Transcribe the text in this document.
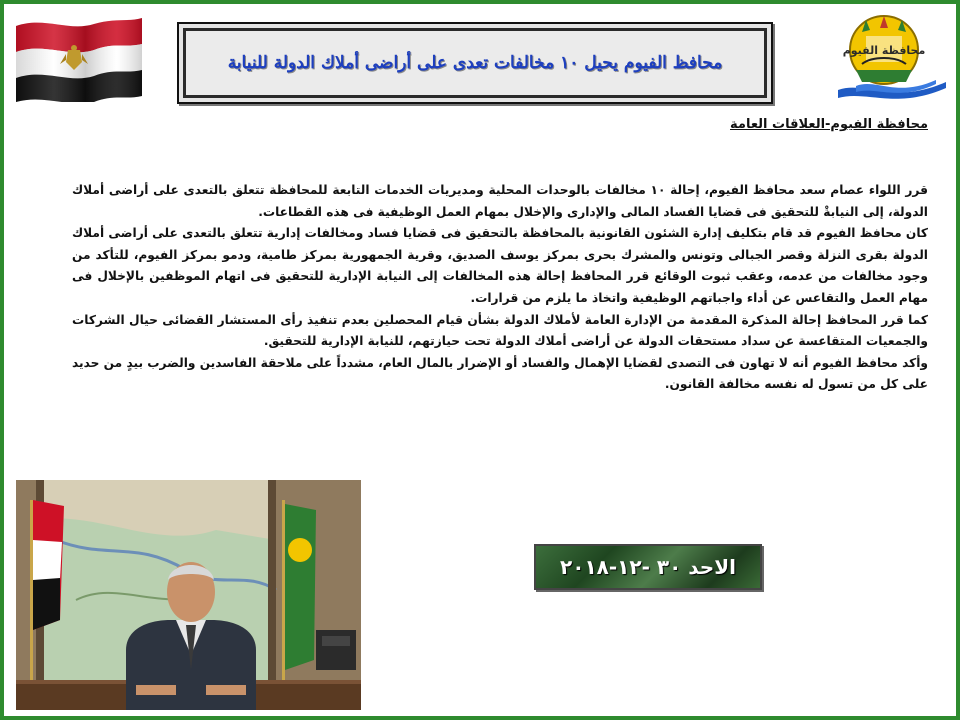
محافظ الفيوم يحيل ١٠ مخالفات تعدى على أراضى أملاك الدولة للنيابة
محافظة الفيوم
محافظة الفيوم-العلاقات العامة

قرر اللواء عصام سعد محافظ الفيوم، إحالة ١٠ مخالفات بالوحدات المحلية ومديريات الخدمات التابعة للمحافظة تتعلق بالتعدى على أراضى أملاك الدولة، إلى النيابةْ للتحقيق فى قضايا الفساد المالى والإدارى والإخلال بمهام العمل الوظيفية فى هذه القطاعات.

كان محافظ الفيوم قد قام بتكليف إدارة الشئون القانونية بالمحافظة بالتحقيق فى قضايا فساد ومخالفات إدارية تتعلق بالتعدى على أراضى أملاك الدولة بقرى النزلة وقصر الجبالى وتونس والمشرك بحرى بمركز يوسف الصديق، وقرية الجمهورية بمركز طامية، ودمو بمركز الفيوم، للتأكد من وجود مخالفات من عدمه، وعقب ثبوت الوقائع قرر المحافظ إحالة هذه المخالفات إلى النيابة الإدارية للتحقيق فى اتهام الموظفين بالإخلال فى مهام العمل والتقاعس عن أداء واجباتهم الوظيفية واتخاذ ما يلزم من قرارات.

كما قرر المحافظ إحالة المذكرة المقدمة من الإدارة العامة لأملاك الدولة بشأن قيام المحصلين بعدم تنفيذ رأى المستشار القضائى حيال الشركات والجمعيات المتقاعسة عن سداد مستحقات الدولة عن أراضى أملاك الدولة تحت حيازتهم، للنيابة الإدارية للتحقيق.

وأكد محافظ الفيوم أنه لا تهاون فى التصدى لقضايا الإهمال والفساد أو الإضرار بالمال العام، مشدداً على ملاحقة الفاسدين والضرب بيدٍ من حديد على كل من تسول له نفسه مخالفة القانون.

الاحد ٣٠ -١٢-٢٠١٨
